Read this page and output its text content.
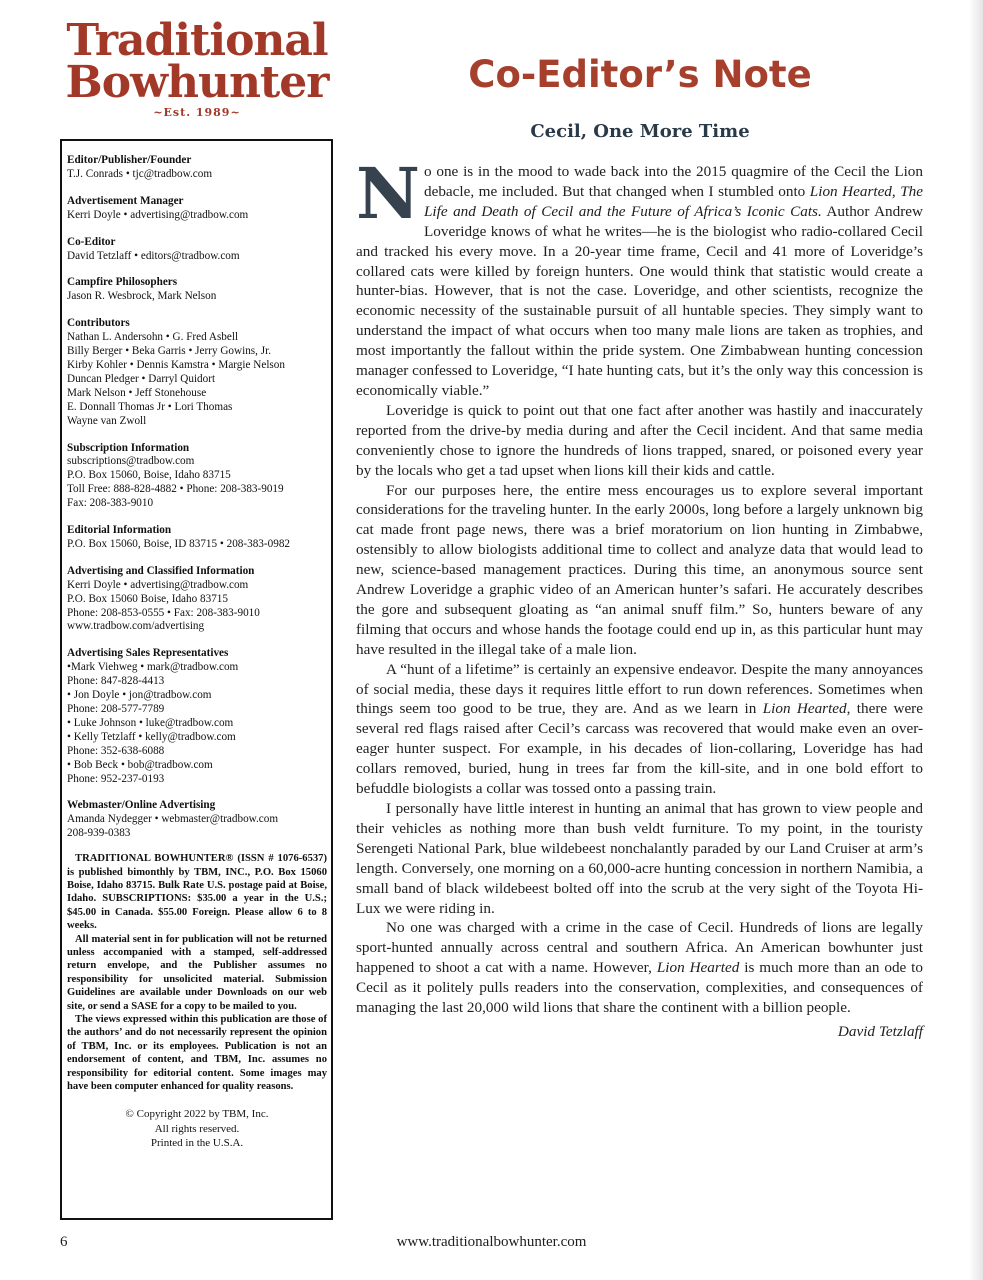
Traditional
Bowhunter
~Est. 1989~
Co-Editor’s Note
Cecil, One More Time
Editor/Publisher/Founder
T.J. Conrads • tjc@tradbow.com
Advertisement Manager
Kerri Doyle • advertising@tradbow.com
Co-Editor
David Tetzlaff • editors@tradbow.com
Campfire Philosophers
Jason R. Wesbrock, Mark Nelson
Contributors
Nathan L. Andersohn • G. Fred Asbell
Billy Berger • Beka Garris • Jerry Gowins, Jr.
Kirby Kohler • Dennis Kamstra • Margie Nelson
Duncan Pledger • Darryl Quidort
Mark Nelson • Jeff Stonehouse
E. Donnall Thomas Jr • Lori Thomas
Wayne van Zwoll
Subscription Information
subscriptions@tradbow.com
P.O. Box 15060, Boise, Idaho 83715
Toll Free: 888-828-4882 • Phone: 208-383-9019
Fax: 208-383-9010
Editorial Information
P.O. Box 15060, Boise, ID 83715 • 208-383-0982
Advertising and Classified Information
Kerri Doyle • advertising@tradbow.com
P.O. Box 15060 Boise, Idaho 83715
Phone: 208-853-0555 • Fax: 208-383-9010
www.tradbow.com/advertising
Advertising Sales Representatives
•Mark Viehweg • mark@tradbow.com
Phone: 847-828-4413
• Jon Doyle • jon@tradbow.com
Phone: 208-577-7789
• Luke Johnson • luke@tradbow.com
• Kelly Tetzlaff • kelly@tradbow.com
Phone: 352-638-6088
• Bob Beck • bob@tradbow.com
Phone: 952-237-0193
Webmaster/Online Advertising
Amanda Nydegger • webmaster@tradbow.com
208-939-0383

TRADITIONAL BOWHUNTER® (ISSN # 1076-6537) is published bimonthly by TBM, INC., P.O. Box 15060 Boise, Idaho 83715. Bulk Rate U.S. postage paid at Boise, Idaho. SUBSCRIPTIONS: $35.00 a year in the U.S.; $45.00 in Canada. $55.00 Foreign. Please allow 6 to 8 weeks.

All material sent in for publication will not be returned unless accompanied with a stamped, self-addressed return envelope, and the Publisher assumes no responsibility for unsolicited material. Submission Guidelines are available under Downloads on our web site, or send a SASE for a copy to be mailed to you.

The views expressed within this publication are those of the authors’ and do not necessarily represent the opinion of TBM, Inc. or its employees. Publication is not an endorsement of content, and TBM, Inc. assumes no responsibility for editorial content. Some images may have been computer enhanced for quality reasons.

© Copyright 2022 by TBM, Inc.
All rights reserved.
Printed in the U.S.A.

No one is in the mood to wade back into the 2015 quagmire of the Cecil the Lion debacle, me included. But that changed when I stumbled onto Lion Hearted, The Life and Death of Cecil and the Future of Africa’s Iconic Cats. Author Andrew Loveridge knows of what he writes—he is the biologist who radio-collared Cecil and tracked his every move. In a 20-year time frame, Cecil and 41 more of Loveridge’s collared cats were killed by foreign hunters. One would think that statistic would create a hunter-bias. However, that is not the case. Loveridge, and other scientists, recognize the economic necessity of the sustainable pursuit of all huntable species. They simply want to understand the impact of what occurs when too many male lions are taken as trophies, and most importantly the fallout within the pride system. One Zimbabwean hunting concession manager confessed to Loveridge, “I hate hunting cats, but it’s the only way this concession is economically viable.”

Loveridge is quick to point out that one fact after another was hastily and inaccurately reported from the drive-by media during and after the Cecil incident. And that same media conveniently chose to ignore the hundreds of lions trapped, snared, or poisoned every year by the locals who get a tad upset when lions kill their kids and cattle.

For our purposes here, the entire mess encourages us to explore several important considerations for the traveling hunter. In the early 2000s, long before a largely unknown big cat made front page news, there was a brief moratorium on lion hunting in Zimbabwe, ostensibly to allow biologists additional time to collect and analyze data that would lead to new, science-based management practices. During this time, an anonymous source sent Andrew Loveridge a graphic video of an American hunter’s safari. He accurately describes the gore and subsequent gloating as “an animal snuff film.” So, hunters beware of any filming that occurs and whose hands the footage could end up in, as this particular hunt may have resulted in the illegal take of a male lion.

A “hunt of a lifetime” is certainly an expensive endeavor. Despite the many annoyances of social media, these days it requires little effort to run down references. Sometimes when things seem too good to be true, they are. And as we learn in Lion Hearted, there were several red flags raised after Cecil’s carcass was recovered that would make even an over-eager hunter suspect. For example, in his decades of lion-collaring, Loveridge has had collars removed, buried, hung in trees far from the kill-site, and in one bold effort to befuddle biologists a collar was tossed onto a passing train.

I personally have little interest in hunting an animal that has grown to view people and their vehicles as nothing more than bush veldt furniture. To my point, in the touristy Serengeti National Park, blue wildebeest nonchalantly paraded by our Land Cruiser at arm’s length. Conversely, one morning on a 60,000-acre hunting concession in northern Namibia, a small band of black wildebeest bolted off into the scrub at the very sight of the Toyota Hi-Lux we were riding in.

No one was charged with a crime in the case of Cecil. Hundreds of lions are legally sport-hunted annually across central and southern Africa. An American bowhunter just happened to shoot a cat with a name. However, Lion Hearted is much more than an ode to Cecil as it politely pulls readers into the conservation, complexities, and consequences of managing the last 20,000 wild lions that share the continent with a billion people.

David Tetzlaff

6	www.traditionalbowhunter.com
